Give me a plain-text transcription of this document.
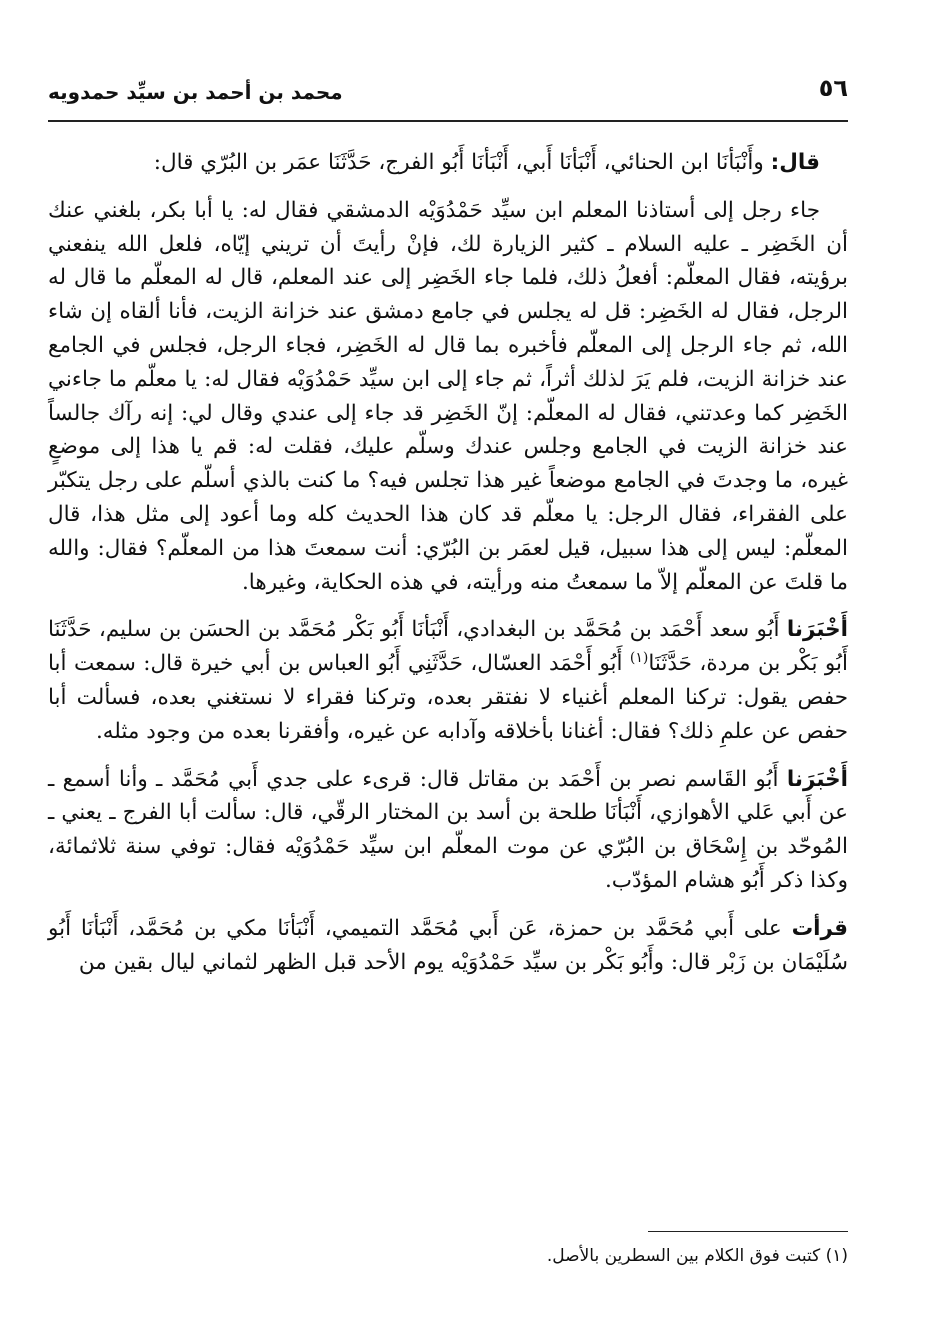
٥٦
محمد بن أحمد بن سيِّد حمدويه

قال: وأَنْبَأنَا ابن الحنائي، أَنْبَأنَا أَبي، أَنْبَأنَا أَبُو الفرج، حَدَّثَنَا عمَر بن البُرّي قال:

جاء رجل إلى أستاذنا المعلم ابن سيِّد حَمْدُوَيْه الدمشقي فقال له: يا أبا بكر، بلغني عنك أن الخَضِر ـ عليه السلام ـ كثير الزيارة لك، فإنْ رأيتَ أن تريني إيّاه، فلعل الله ينفعني برؤيته، فقال المعلّم: أفعلُ ذلك، فلما جاء الخَضِر إلى عند المعلم، قال له المعلّم ما قال له الرجل، فقال له الخَضِر: قل له يجلس في جامع دمشق عند خزانة الزيت، فأنا ألقاه إن شاء الله، ثم جاء الرجل إلى المعلّم فأخبره بما قال له الخَضِر، فجاء الرجل، فجلس في الجامع عند خزانة الزيت، فلم يَرَ لذلك أثراً، ثم جاء إلى ابن سيِّد حَمْدُوَيْه فقال له: يا معلّم ما جاءني الخَضِر كما وعدتني، فقال له المعلّم: إنّ الخَضِر قد جاء إلى عندي وقال لي: إنه رآك جالساً عند خزانة الزيت في الجامع وجلس عندك وسلّم عليك، فقلت له: قم يا هذا إلى موضعٍ غيره، ما وجدتَ في الجامع موضعاً غير هذا تجلس فيه؟ ما كنت بالذي أسلّم على رجل يتكبّر على الفقراء، فقال الرجل: يا معلّم قد كان هذا الحديث كله وما أعود إلى مثل هذا، قال المعلّم: ليس إلى هذا سبيل، قيل لعمَر بن البُرّي: أنت سمعتَ هذا من المعلّم؟ فقال: والله ما قلتَ عن المعلّم إلاّ ما سمعتُ منه ورأيته، في هذه الحكاية، وغيرها.

أَخْبَرَنا أَبُو سعد أَحْمَد بن مُحَمَّد بن البغدادي، أَنْبَأنَا أَبُو بَكْر مُحَمَّد بن الحسَن بن سليم، حَدَّثَنَا أَبُو بَكْر بن مردة، حَدَّثَنَا$^{(١)}$ أَبُو أَحْمَد العسّال، حَدَّثَنِي أَبُو العباس بن أبي خيرة قال: سمعت أبا حفص يقول: تركنا المعلم أغنياء لا نفتقر بعده، وتركنا فقراء لا نستغني بعده، فسألت أبا حفص عن علمِ ذلك؟ فقال: أغنانا بأخلاقه وآدابه عن غيره، وأفقرنا بعده من وجود مثله.

أَخْبَرَنا أَبُو القَاسم نصر بن أَحْمَد بن مقاتل قال: قرىء على جدي أَبي مُحَمَّد ـ وأنا أسمع ـ عن أَبي عَلي الأهوازي، أَنْبَأنَا طلحة بن أسد بن المختار الرقّي، قال: سألت أبا الفرج ـ يعني ـ المُوحّد بن إِسْحَاق بن البُرّي عن موت المعلّم ابن سيِّد حَمْدُوَيْه فقال: توفي سنة ثلاثمائة، وكذا ذكر أَبُو هشام المؤدّب.

قرأت على أَبي مُحَمَّد بن حمزة، عَن أَبي مُحَمَّد التميمي، أَنْبَأنَا مكي بن مُحَمَّد، أَنْبَأنَا أَبُو سُلَيْمَان بن زَبْر قال: وأَبُو بَكْر بن سيِّد حَمْدُوَيْه يوم الأحد قبل الظهر لثماني ليال بقين من

(١) كتبت فوق الكلام بين السطرين بالأصل.
